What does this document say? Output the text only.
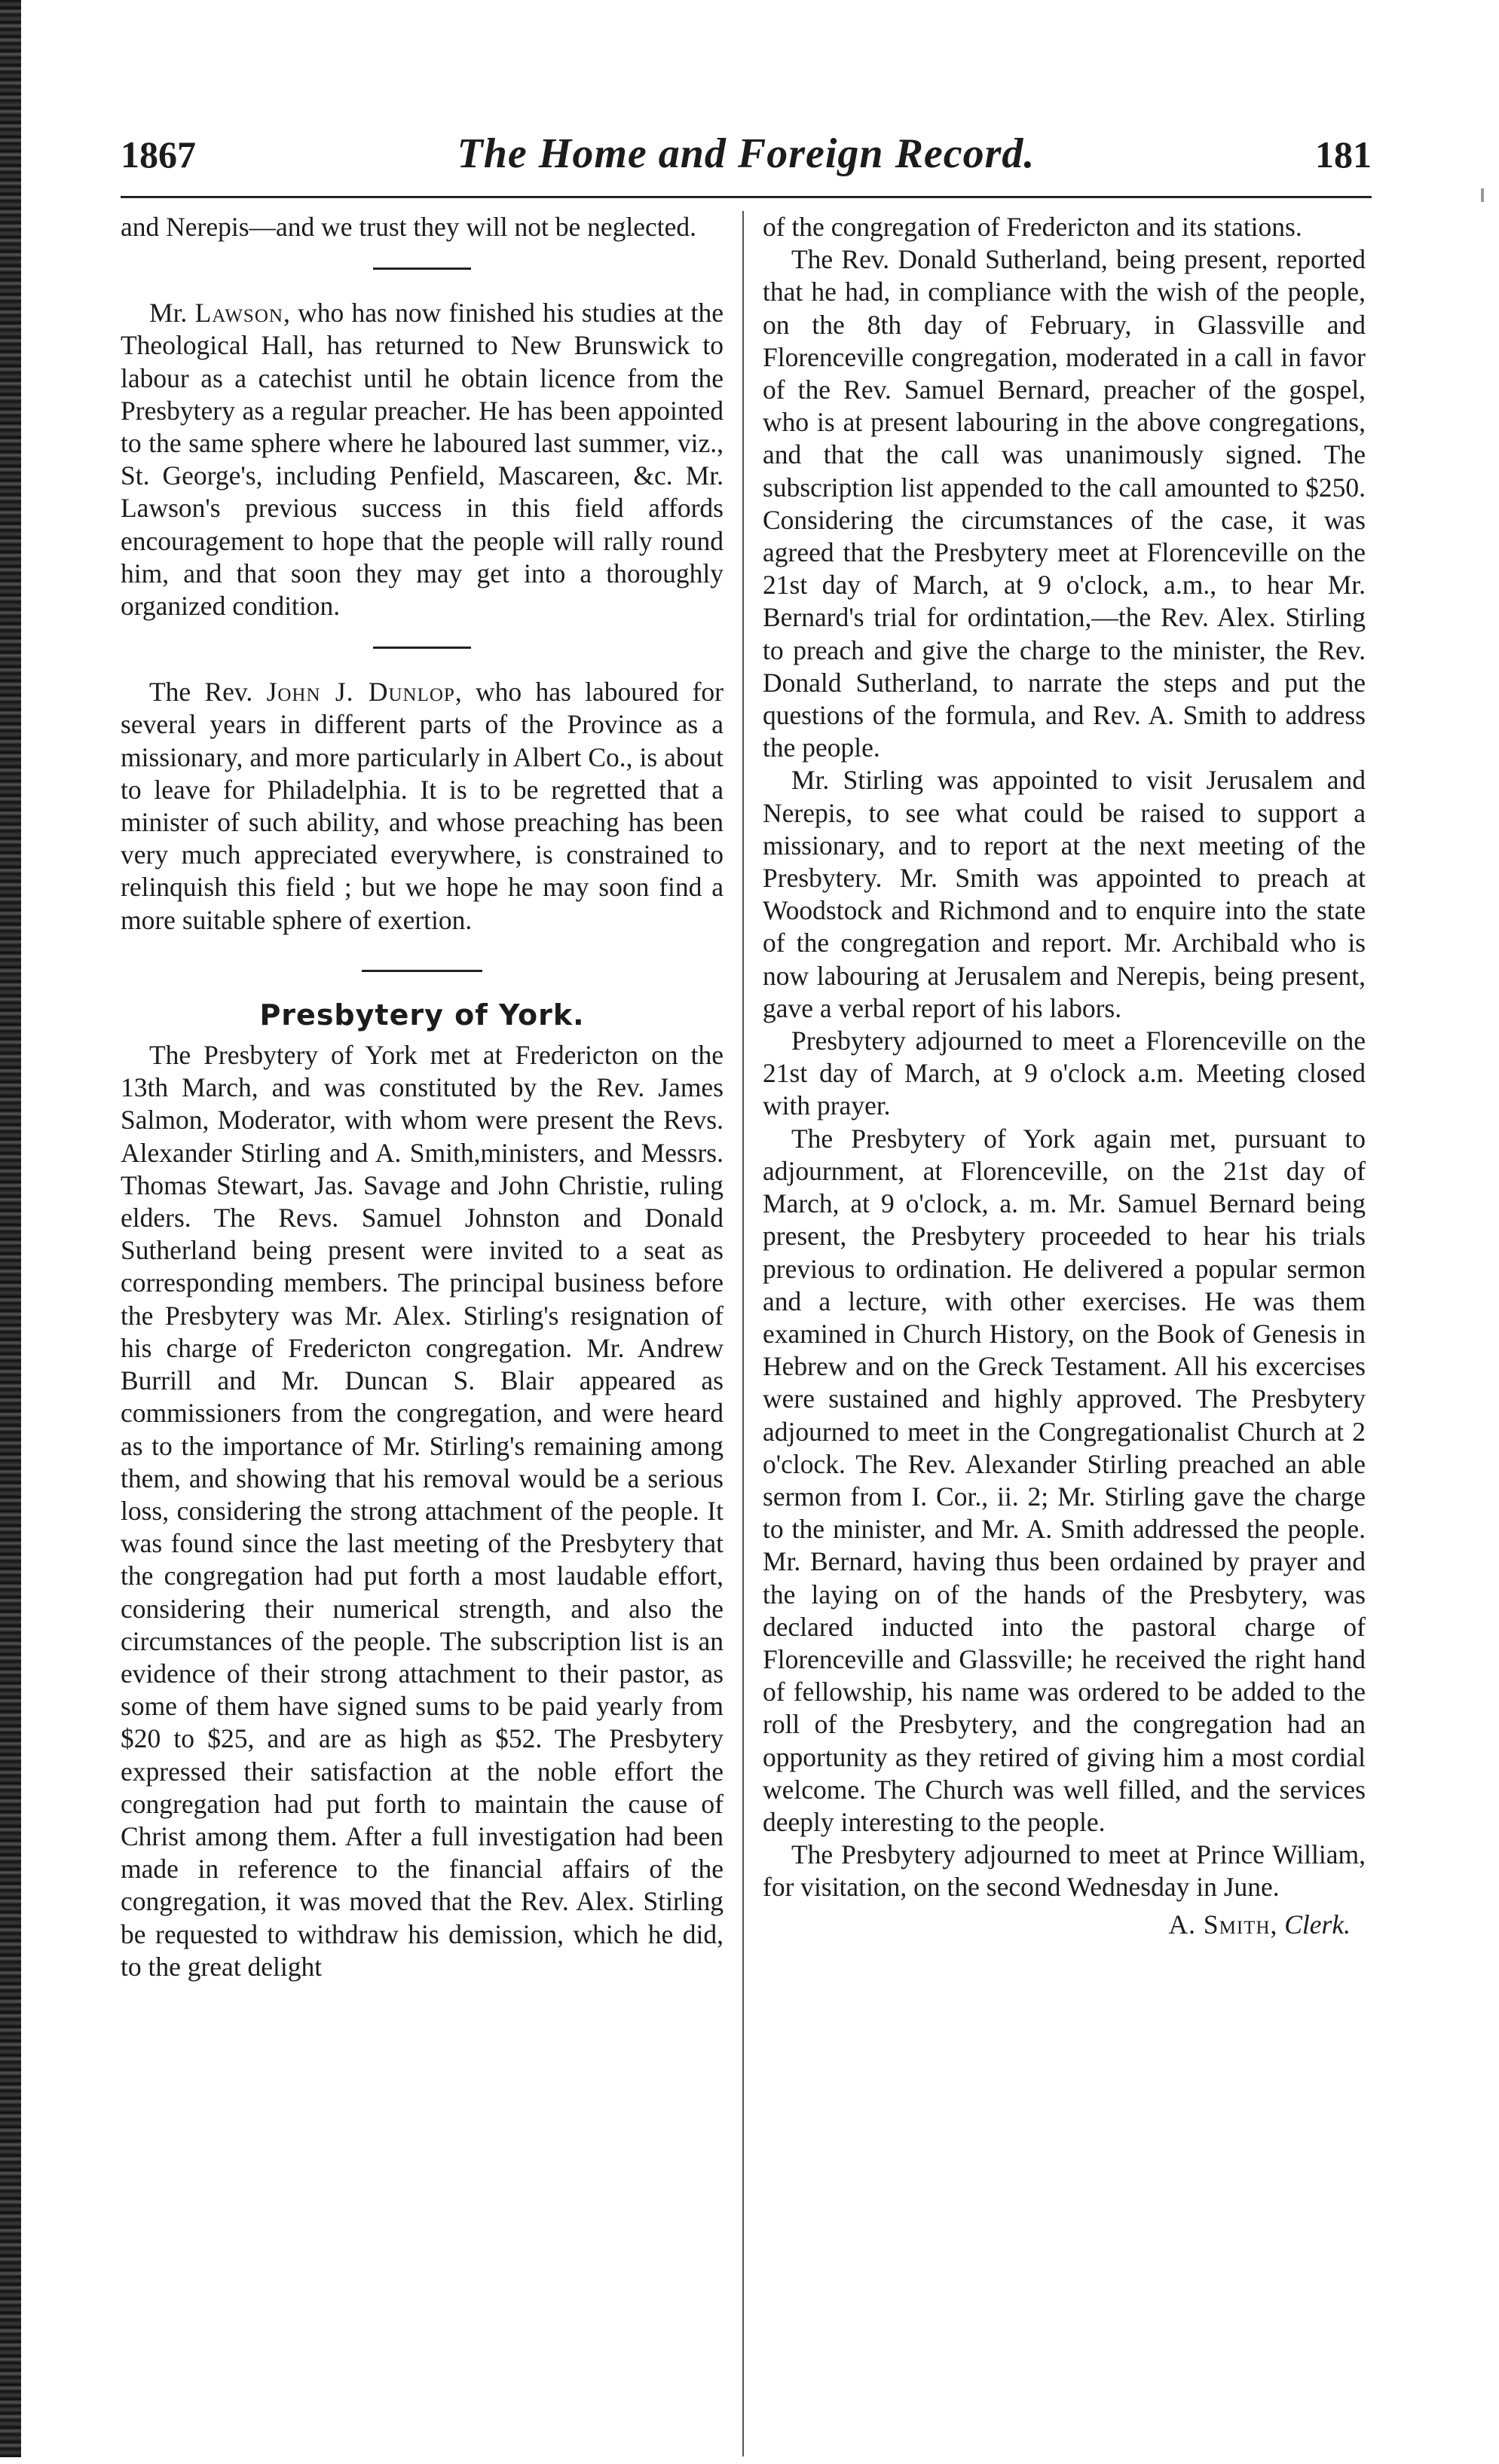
1867	The Home and Foreign Record.	181

and Nerepis—and we trust they will not be neglected.

Mr. Lawson, who has now finished his studies at the Theological Hall, has returned to New Brunswick to labour as a catechist until he obtain licence from the Presbytery as a regular preacher. He has been appointed to the same sphere where he laboured last summer, viz., St. George's, including Penfield, Mascareen, &c. Mr. Lawson's previous success in this field affords encouragement to hope that the people will rally round him, and that soon they may get into a thoroughly organized condition.

The Rev. John J. Dunlop, who has laboured for several years in different parts of the Province as a missionary, and more particularly in Albert Co., is about to leave for Philadelphia. It is to be regretted that a minister of such ability, and whose preaching has been very much appreciated everywhere, is constrained to relinquish this field ; but we hope he may soon find a more suitable sphere of exertion.

Presbytery of York.

The Presbytery of York met at Fredericton on the 13th March, and was constituted by the Rev. James Salmon, Moderator, with whom were present the Revs. Alexander Stirling and A. Smith,ministers, and Messrs. Thomas Stewart, Jas. Savage and John Christie, ruling elders. The Revs. Samuel Johnston and Donald Sutherland being present were invited to a seat as corresponding members. The principal business before the Presbytery was Mr. Alex. Stirling's resignation of his charge of Fredericton congregation. Mr. Andrew Burrill and Mr. Duncan S. Blair appeared as commissioners from the congregation, and were heard as to the importance of Mr. Stirling's remaining among them, and showing that his removal would be a serious loss, considering the strong attachment of the people. It was found since the last meeting of the Presbytery that the congregation had put forth a most laudable effort, considering their numerical strength, and also the circumstances of the people. The subscription list is an evidence of their strong attachment to their pastor, as some of them have signed sums to be paid yearly from $20 to $25, and are as high as $52. The Presbytery expressed their satisfaction at the noble effort the congregation had put forth to maintain the cause of Christ among them. After a full investigation had been made in reference to the financial affairs of the congregation, it was moved that the Rev. Alex. Stirling be requested to withdraw his demission, which he did, to the great delight

of the congregation of Fredericton and its stations.

The Rev. Donald Sutherland, being present, reported that he had, in compliance with the wish of the people, on the 8th day of February, in Glassville and Florenceville congregation, moderated in a call in favor of the Rev. Samuel Bernard, preacher of the gospel, who is at present labouring in the above congregations, and that the call was unanimously signed. The subscription list appended to the call amounted to $250. Considering the circumstances of the case, it was agreed that the Presbytery meet at Florenceville on the 21st day of March, at 9 o'clock, a.m., to hear Mr. Bernard's trial for ordintation,—the Rev. Alex. Stirling to preach and give the charge to the minister, the Rev. Donald Sutherland, to narrate the steps and put the questions of the formula, and Rev. A. Smith to address the people.

Mr. Stirling was appointed to visit Jerusalem and Nerepis, to see what could be raised to support a missionary, and to report at the next meeting of the Presbytery. Mr. Smith was appointed to preach at Woodstock and Richmond and to enquire into the state of the congregation and report. Mr. Archibald who is now labouring at Jerusalem and Nerepis, being present, gave a verbal report of his labors.

Presbytery adjourned to meet a Florenceville on the 21st day of March, at 9 o'clock a.m. Meeting closed with prayer.

The Presbytery of York again met, pursuant to adjournment, at Florenceville, on the 21st day of March, at 9 o'clock, a. m. Mr. Samuel Bernard being present, the Presbytery proceeded to hear his trials previous to ordination. He delivered a popular sermon and a lecture, with other exercises. He was them examined in Church History, on the Book of Genesis in Hebrew and on the Greck Testament. All his excercises were sustained and highly approved. The Presbytery adjourned to meet in the Congregationalist Church at 2 o'clock. The Rev. Alexander Stirling preached an able sermon from I. Cor., ii. 2; Mr. Stirling gave the charge to the minister, and Mr. A. Smith addressed the people. Mr. Bernard, having thus been ordained by prayer and the laying on of the hands of the Presbytery, was declared inducted into the pastoral charge of Florenceville and Glassville; he received the right hand of fellowship, his name was ordered to be added to the roll of the Presbytery, and the congregation had an opportunity as they retired of giving him a most cordial welcome. The Church was well filled, and the services deeply interesting to the people.

The Presbytery adjourned to meet at Prince William, for visitation, on the second Wednesday in June.

A. Smith, Clerk.
